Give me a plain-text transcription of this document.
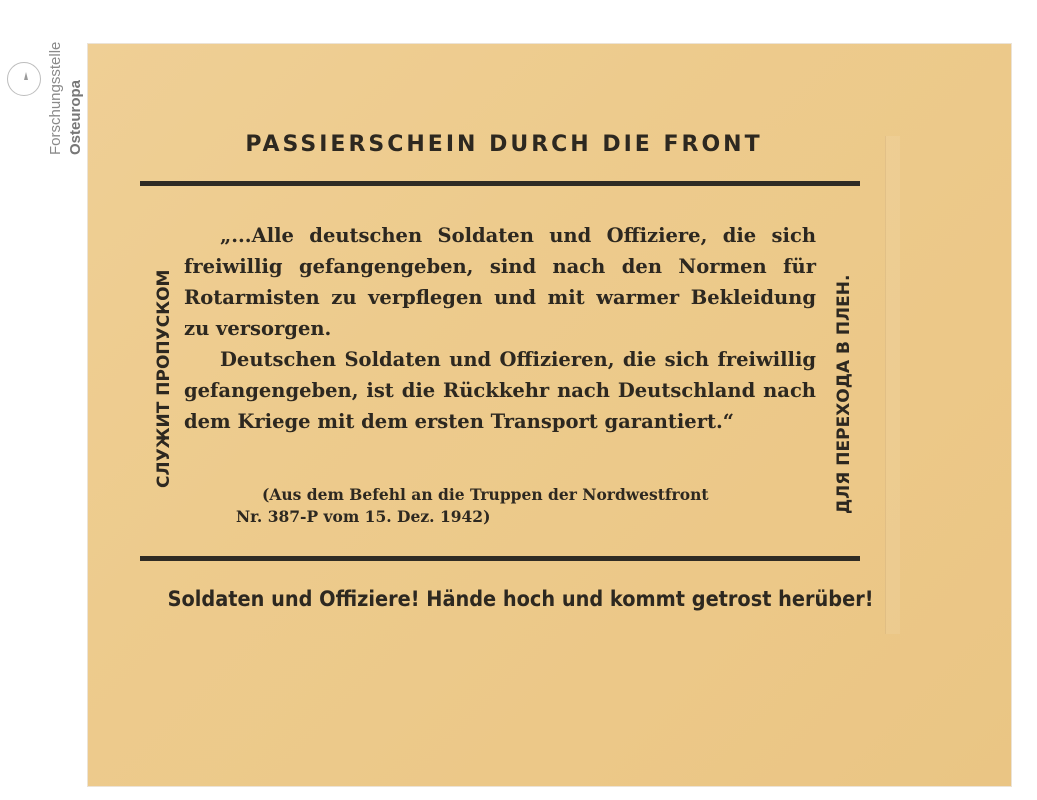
Forschungsstelle Osteuropa	PASSIERSCHEIN DURCH DIE FRONT
СЛУЖИТ ПРОПУСКОМ	ДЛЯ ПЕРЕХОДА В ПЛЕН.

„...Alle deutschen Soldaten und Offiziere, die sich freiwillig gefangengeben, sind nach den Normen für Rotarmisten zu verpflegen und mit warmer Bekleidung zu versorgen.

Deutschen Soldaten und Offizieren, die sich freiwillig gefangengeben, ist die Rückkehr nach Deutschland nach dem Kriege mit dem ersten Transport garantiert.“

(Aus dem Befehl an die Truppen der Nordwestfront
Nr. 387-P vom 15. Dez. 1942)
Soldaten und Offiziere! Hände hoch und kommt getrost herüber!
